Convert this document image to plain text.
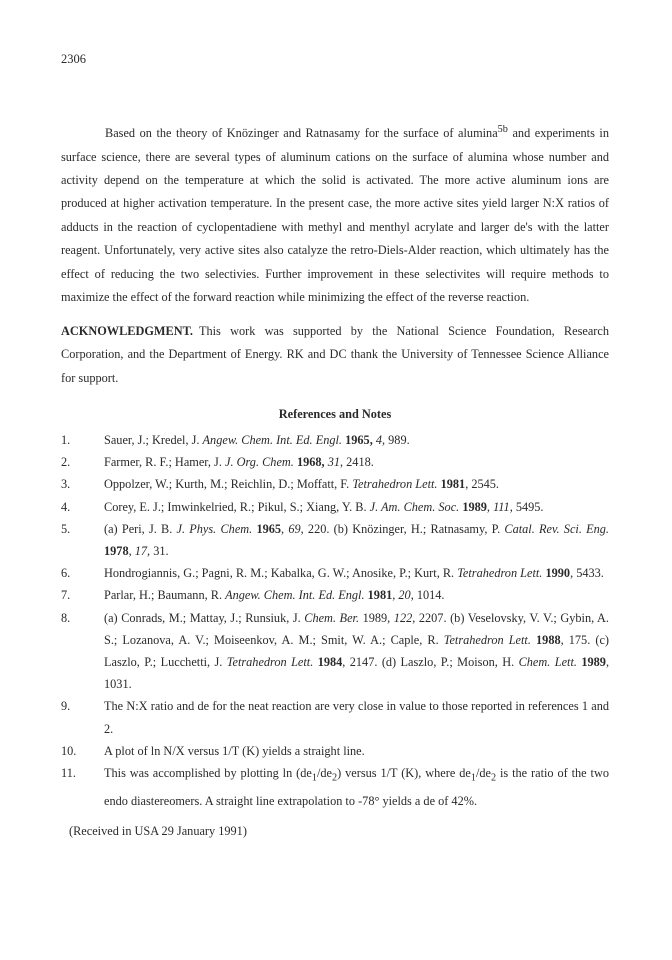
2306
Based on the theory of Knözinger and Ratnasamy for the surface of alumina$^{5b}$ and experiments in surface science, there are several types of aluminum cations on the surface of alumina whose number and activity depend on the temperature at which the solid is activated. The more active aluminum ions are produced at higher activation temperature. In the present case, the more active sites yield larger N:X ratios of adducts in the reaction of cyclopentadiene with methyl and menthyl acrylate and larger de's with the latter reagent. Unfortunately, very active sites also catalyze the retro-Diels-Alder reaction, which ultimately has the effect of reducing the two selectivies. Further improvement in these selectivites will require methods to maximize the effect of the forward reaction while minimizing the effect of the reverse reaction.
ACKNOWLEDGMENT. This work was supported by the National Science Foundation, Research Corporation, and the Department of Energy. RK and DC thank the University of Tennessee Science Alliance for support.
References and Notes
1.	Sauer, J.; Kredel, J. Angew. Chem. Int. Ed. Engl. 1965, 4, 989.
2.	Farmer, R. F.; Hamer, J. J. Org. Chem. 1968, 31, 2418.
3.	Oppolzer, W.; Kurth, M.; Reichlin, D.; Moffatt, F. Tetrahedron Lett. 1981, 2545.
4.	Corey, E. J.; Imwinkelried, R.; Pikul, S.; Xiang, Y. B. J. Am. Chem. Soc. 1989, 111, 5495.
5.	(a) Peri, J. B. J. Phys. Chem. 1965, 69, 220. (b) Knözinger, H.; Ratnasamy, P. Catal. Rev. Sci. Eng. 1978, 17, 31.
6.	Hondrogiannis, G.; Pagni, R. M.; Kabalka, G. W.; Anosike, P.; Kurt, R. Tetrahedron Lett. 1990, 5433.
7.	Parlar, H.; Baumann, R. Angew. Chem. Int. Ed. Engl. 1981, 20, 1014.
8.	(a) Conrads, M.; Mattay, J.; Runsiuk, J. Chem. Ber. 1989, 122, 2207. (b) Veselovsky, V. V.; Gybin, A. S.; Lozanova, A. V.; Moiseenkov, A. M.; Smit, W. A.; Caple, R. Tetrahedron Lett. 1988, 175. (c) Laszlo, P.; Lucchetti, J. Tetrahedron Lett. 1984, 2147. (d) Laszlo, P.; Moison, H. Chem. Lett. 1989, 1031.
9.	The N:X ratio and de for the neat reaction are very close in value to those reported in references 1 and 2.
10.	A plot of ln N/X versus 1/T (K) yields a straight line.
11.	This was accomplished by plotting $\ln (de_1/de_2)$ versus 1/T (K), where $de_1/de_2$ is the ratio of the two endo diastereomers. A straight line extrapolation to -78° yields a de of 42%.
(Received in USA 29 January 1991)
